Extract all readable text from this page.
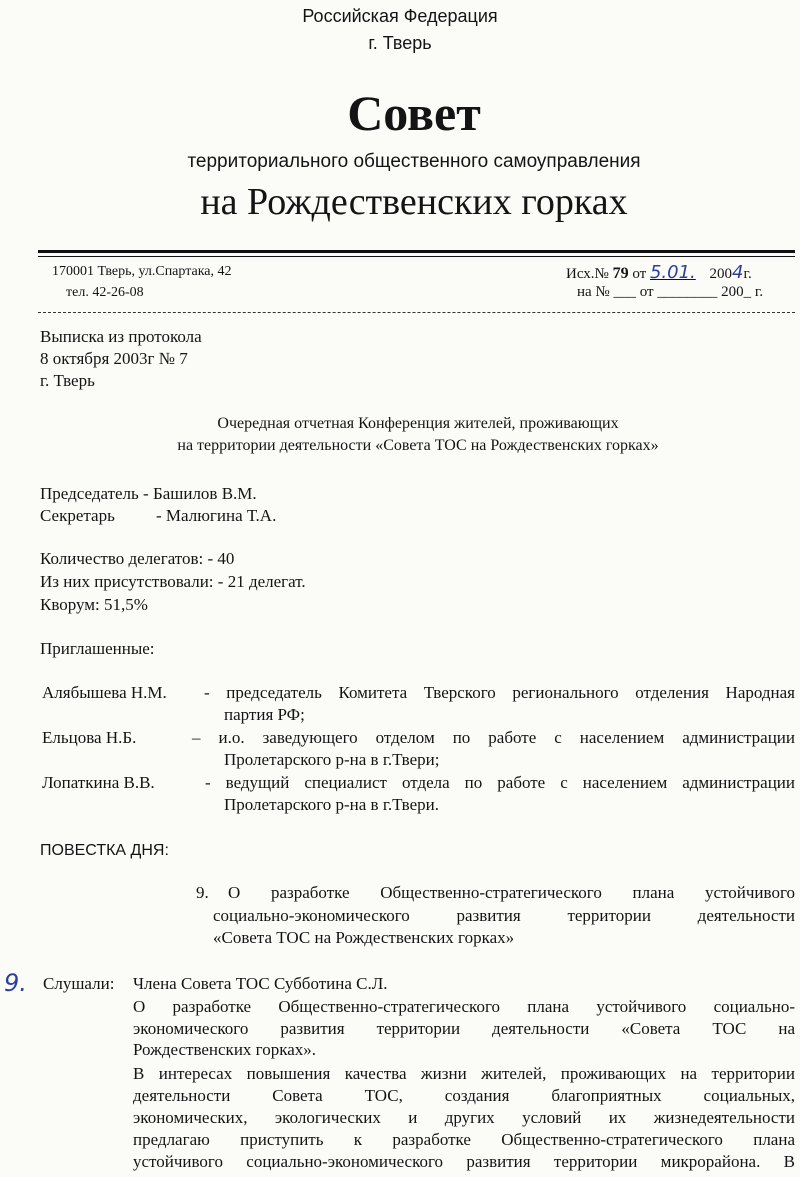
Российская Федерация
г. Тверь
Совет
территориального общественного самоуправления
на Рождественских горках
170001 Тверь, ул.Спартака, 42
тел. 42-26-08
Исх.№ 79 от 5.01. 2004г.
на № ___ от ________ 200_ г.
Выписка из протокола
8 октября 2003г № 7
г. Тверь
Очередная отчетная Конференция жителей, проживающих
на территории деятельности «Совета ТОС на Рождественских горках»
Председатель - Башилов В.М.
Секретарь - Малюгина Т.А.
Количество делегатов: - 40
Из них присутствовали: - 21 делегат.
Кворум: 51,5%
Приглашенные:
Алябышева Н.М. - председатель Комитета Тверского регионального отделения Народная
партия РФ;
Ельцова Н.Б.	– и.о. заведующего отделом по работе с населением администрации
Пролетарского р-на в г.Твери;
Лопаткина В.В.	- ведущий специалист отдела по работе с населением администрации
Пролетарского р-на в г.Твери.
ПОВЕСТКА ДНЯ:
9. О разработке Общественно-стратегического плана устойчивого
социально-экономического развития территории деятельности
«Совета ТОС на Рождественских горках»
9. Слушали: Члена Совета ТОС Субботина С.Л.
О разработке Общественно-стратегического плана устойчивого социально-
экономического развития территории деятельности «Совета ТОС на
Рождественских горках».
В интересах повышения качества жизни жителей, проживающих на территории
деятельности Совета ТОС, создания благоприятных социальных,
экономических, экологических и других условий их жизнедеятельности
предлагаю приступить к разработке Общественно-стратегического плана
устойчивого социально-экономического развития территории микрорайона. В
